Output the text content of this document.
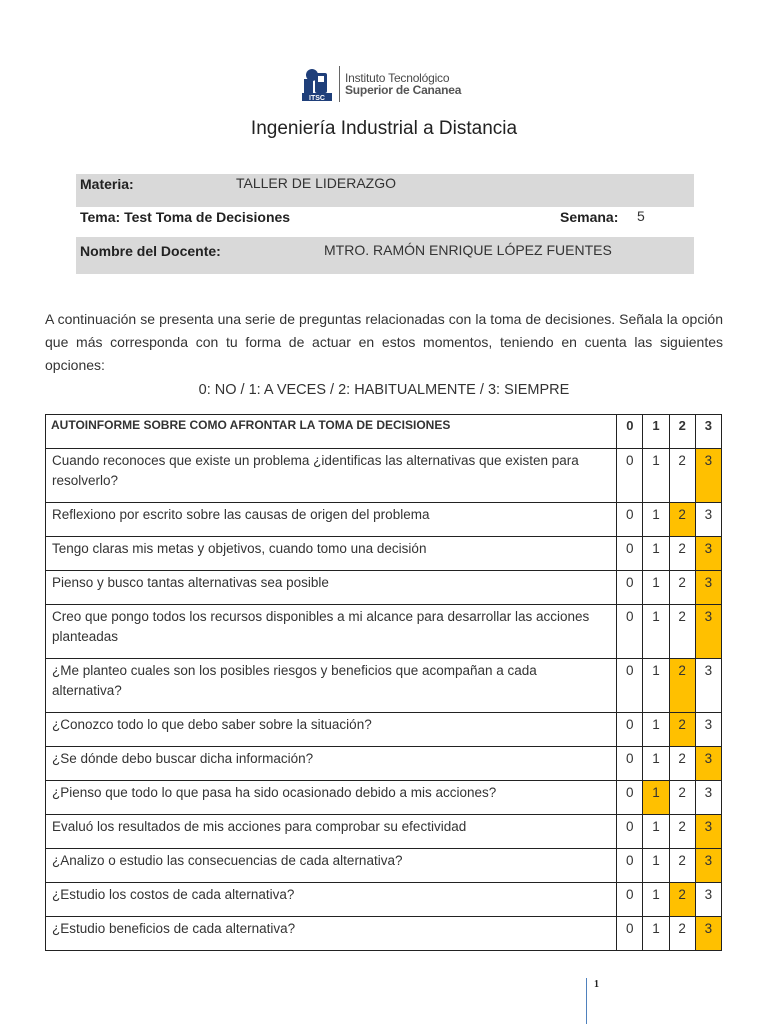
ITSC
Instituto Tecnológico
Superior de Cananea
Ingeniería Industrial a Distancia
Materia:	TALLER DE LIDERAZGO
Tema: Test Toma de Decisiones	Semana: 5
Nombre del Docente:	MTRO. RAMÓN ENRIQUE LÓPEZ FUENTES
A continuación se presenta una serie de preguntas relacionadas con la toma de decisiones. Señala la opción que más corresponda con tu forma de actuar en estos momentos, teniendo en cuenta las siguientes opciones:
0: NO / 1: A VECES / 2: HABITUALMENTE / 3: SIEMPRE
AUTOINFORME SOBRE COMO AFRONTAR LA TOMA DE DECISIONES	0	1	2	3
Cuando reconoces que existe un problema ¿identificas las alternativas que existen para resolverlo?	0	1	2	3
Reflexiono por escrito sobre las causas de origen del problema	0	1	2	3
Tengo claras mis metas y objetivos, cuando tomo una decisión	0	1	2	3
Pienso y busco tantas alternativas sea posible	0	1	2	3
Creo que pongo todos los recursos disponibles a mi alcance para desarrollar las acciones planteadas	0	1	2	3
¿Me planteo cuales son los posibles riesgos y beneficios que acompañan a cada alternativa?	0	1	2	3
¿Conozco todo lo que debo saber sobre la situación?	0	1	2	3
¿Se dónde debo buscar dicha información?	0	1	2	3
¿Pienso que todo lo que pasa ha sido ocasionado debido a mis acciones?	0	1	2	3
Evaluó los resultados de mis acciones para comprobar su efectividad	0	1	2	3
¿Analizo o estudio las consecuencias de cada alternativa?	0	1	2	3
¿Estudio los costos de cada alternativa?	0	1	2	3
¿Estudio beneficios de cada alternativa?	0	1	2	3
1
